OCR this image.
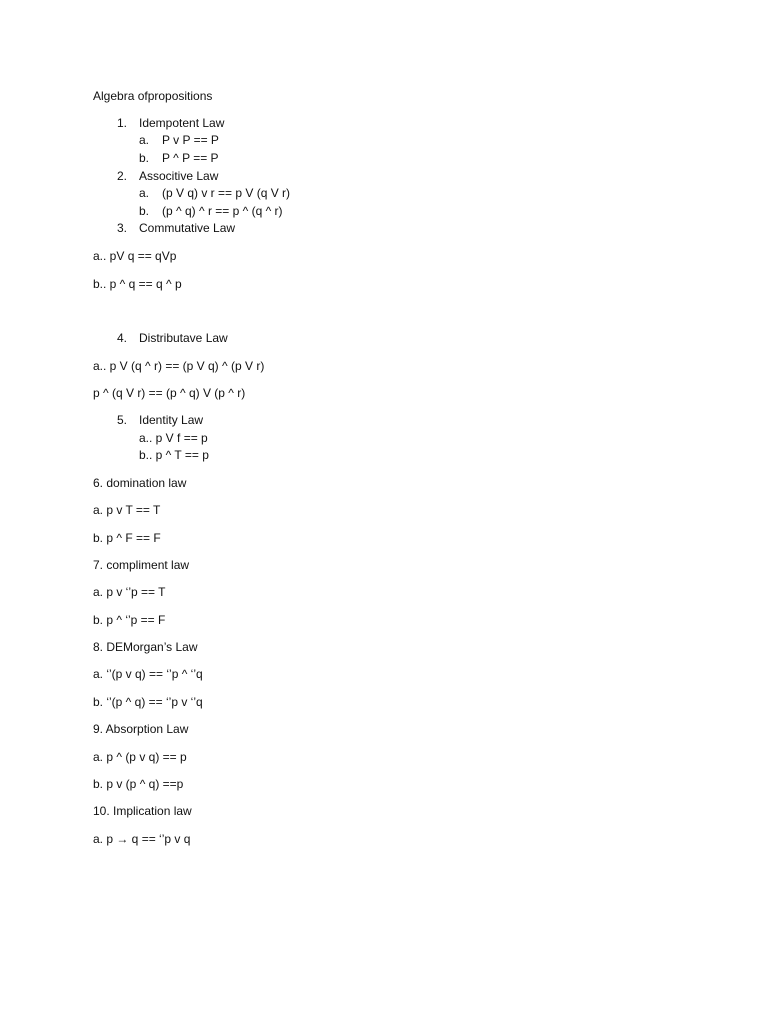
Algebra ofpropositions
1. Idempotent Law
a. P v P == P
b. P ^ P == P
2. Associtive Law
a. (p V q) v r == p V (q V r)
b. (p ^ q) ^ r == p ^ (q ^ r)
3. Commutative Law
a.. pV q == qVp
b.. p ^ q == q ^ p
4. Distributave Law
a.. p V (q ^ r) == (p V q) ^ (p V r)
p ^ (q V r) == (p ^ q) V (p ^ r)
5. Identity Law
a.. p V f == p
b.. p ^ T == p
6. domination law
a. p v T == T
b. p ^ F == F
7. compliment law
a. p v ‘’p == T
b. p ^ ‘’p == F
8. DEMorgan’s Law
a. ‘’(p v q) == ‘’p ^ ‘’q
b. ‘’(p ^ q) == ‘’p v ‘’q
9. Absorption Law
a. p ^ (p v q) == p
b. p v (p ^ q) ==p
10. Implication law
a. p → q == ‘’p v q
